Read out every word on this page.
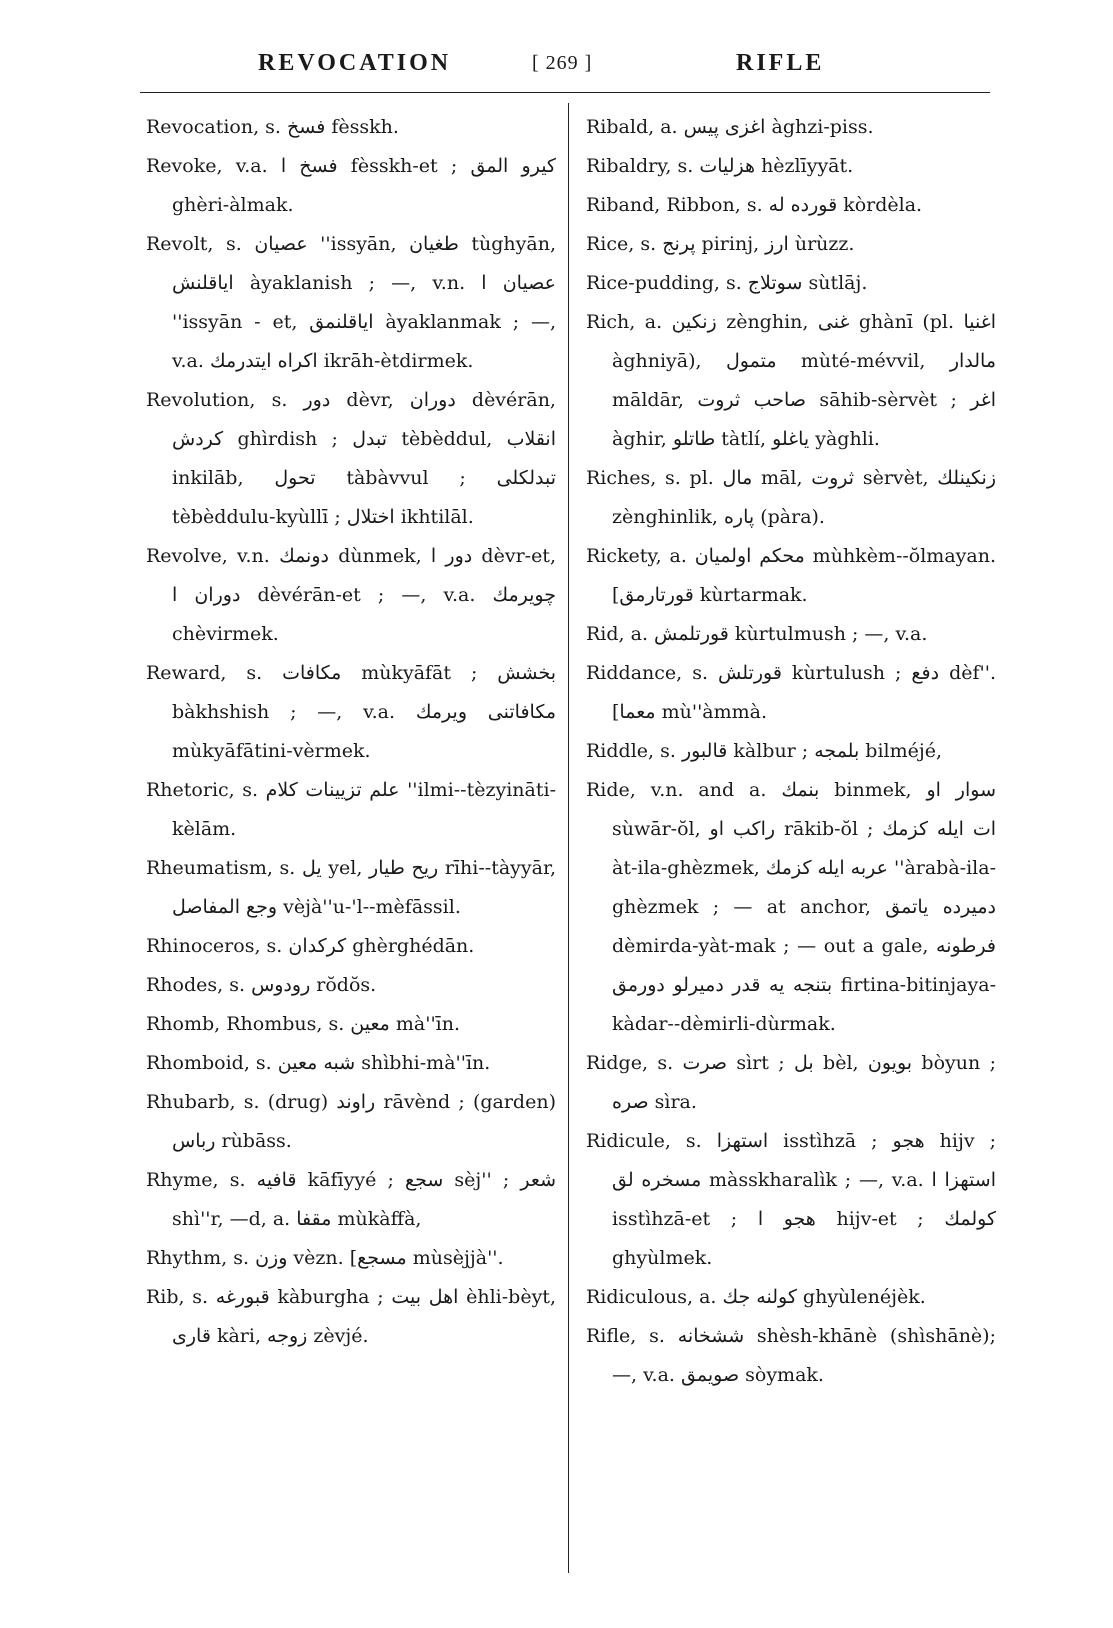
REVOCATION	[ 269 ]	RIFLE

Revocation, s. فسخ fèsskh.

Revoke, v.a. فسخ ا fèsskh-et ; كيرو المق ghèri-àlmak.

Revolt, s. عصيان ''issyān, طغيان tùghyān, اياقلنش àyaklanish ; —, v.n. عصيان ا ''issyān - et, اياقلنمق àyaklanmak ; —, v.a. اكراه ايتدرمك ikrāh-ètdirmek.

Revolution, s. دور dèvr, دوران dèvérān, كردش ghìrdish ; تبدل tèbèddul, انقلاب inkilāb, تحول tàbàvvul ; تبدلكلى tèbèddulu-kyùllī ; اختلال ikhtilāl.

Revolve, v.n. دونمك dùnmek, دور ا dèvr-et, دوران ا dèvérān-et ; —, v.a. چويرمك chèvirmek.

Reward, s. مكافات mùkyāfāt ; بخشش bàkhshish ; —, v.a. مكافاتنى ويرمك mùkyāfātini-vèrmek.

Rhetoric, s. علم تزيينات كلام ''ilmi--tèzyināti-kèlām.

Rheumatism, s. يل yel, ريح طيار rīhi--tàyyār, وجع المفاصل vèjà''u-'l--mèfāssil.

Rhinoceros, s. كركدان ghèrghédān.

Rhodes, s. رودوس rŏdŏs.

Rhomb, Rhombus, s. معين mà''īn.

Rhomboid, s. شبه معين shìbhi-mà''īn.

Rhubarb, s. (drug) راوند rāvènd ; (garden) رباس rùbāss.

Rhyme, s. قافيه kāfīyyé ; سجع sèj'' ; شعر shì''r, —d, a. مقفا mùkàffà,

Rhythm, s. وزن vèzn. [مسجع mùsèjjà''.

Rib, s. قبورغه kàburgha ; اهل بيت èhli-bèyt, قارى kàri, زوجه zèvjé.

Ribald, a. اغزى پيس àghzi-piss.

Ribaldry, s. هزليات hèzlīyyāt.

Riband, Ribbon, s. قورده له kòrdèla.

Rice, s. پرنج pirinj, ارز ùrùzz.

Rice-pudding, s. سوتلاج sùtlāj.

Rich, a. زنكين zènghin, غنى ghànī (pl. اغنيا àghniyā), متمول mùté-mévvil, مالدار māldār, صاحب ثروت sāhib-sèrvèt ; اغر àghir, طاتلو tàtlí, ياغلو yàghli.

Riches, s. pl. مال māl, ثروت sèrvèt, زنكينلك zènghinlik, پاره (pàra).

Rickety, a. محكم اولميان mùhkèm--ŏlmayan. [قورتارمق kùrtarmak.

Rid, a. قورتلمش kùrtulmush ; —, v.a.

Riddance, s. قورتلش kùrtulush ; دفع dèf''. [معما mù''àmmà.

Riddle, s. قالبور kàlbur ; بلمجه bilméjé,

Ride, v.n. and a. بنمك binmek, سوار او sùwār-ŏl, راكب او rākib-ŏl ; ات ايله كزمك àt-ila-ghèzmek, عربه ايله كزمك ''àrabà-ila-ghèzmek ; — at anchor, دميرده ياتمق dèmirda-yàt-mak ; — out a gale, فرطونه بتنجه يه قدر دميرلو دورمق firtina-bitinjaya-kàdar--dèmirli-dùrmak.

Ridge, s. صرت sìrt ; بل bèl, بويون bòyun ; صره sìra.

Ridicule, s. استهزا isstìhzā ; هجو hijv ; مسخره لق màsskharalìk ; —, v.a. استهزا ا isstìhzā-et ; هجو ا hijv-et ; كولمك ghyùlmek.

Ridiculous, a. كولنه جك ghyùlenéjèk.

Rifle, s. ششخانه shèsh-khānè (shìshānè); —, v.a. صويمق sòymak.
